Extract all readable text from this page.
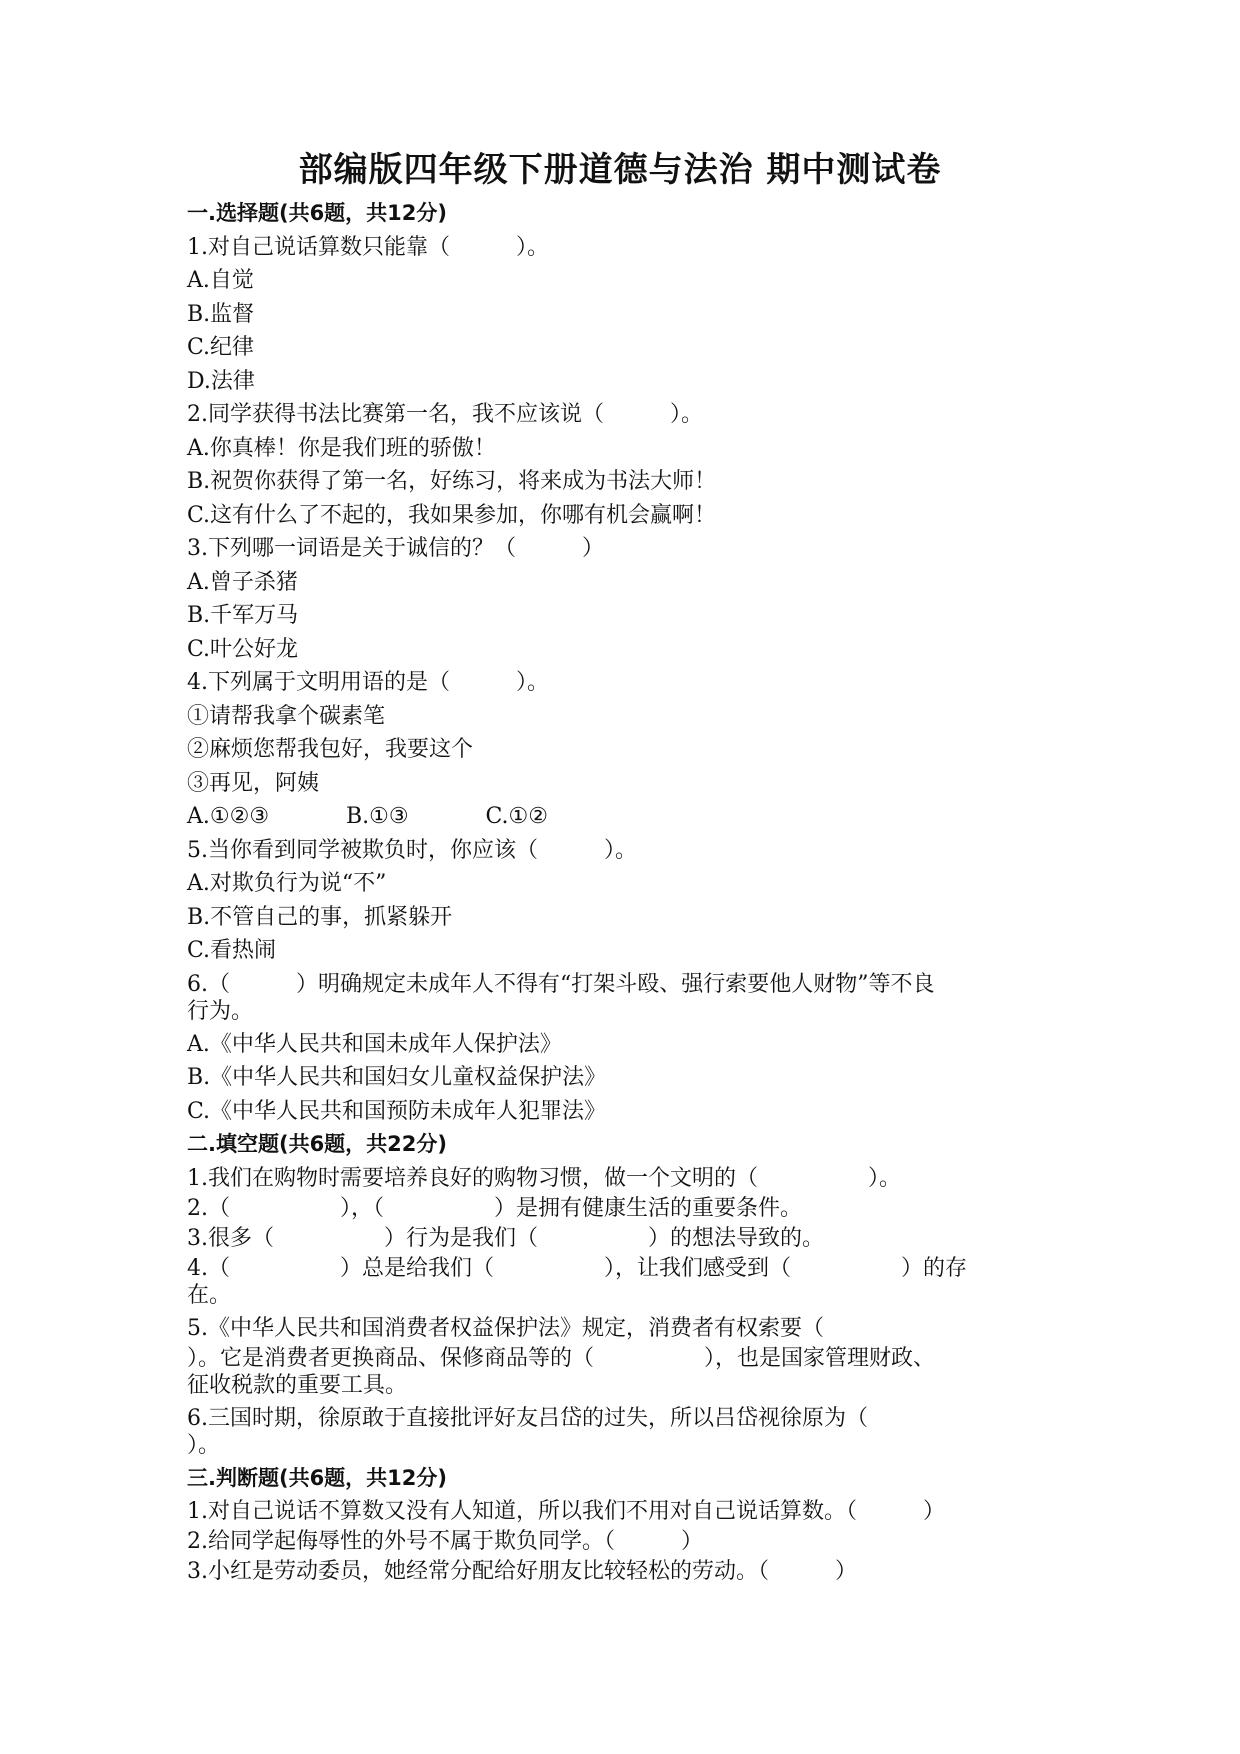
部编版四年级下册道德与法治 期中测试卷
一.选择题(共6题，共12分)
1.对自己说话算数只能靠（　　　）。
A.自觉
B.监督
C.纪律
D.法律
2.同学获得书法比赛第一名，我不应该说（　　　）。
A.你真棒！你是我们班的骄傲！
B.祝贺你获得了第一名，好练习，将来成为书法大师！
C.这有什么了不起的，我如果参加，你哪有机会赢啊！
3.下列哪一词语是关于诚信的？（　　　）
A.曾子杀猪
B.千军万马
C.叶公好龙
4.下列属于文明用语的是（　　　）。
①请帮我拿个碳素笔
②麻烦您帮我包好，我要这个
③再见，阿姨
A.①②③           B.①③           C.①②
5.当你看到同学被欺负时，你应该（　　　）。
A.对欺负行为说“不”
B.不管自己的事，抓紧躲开
C.看热闹
6.（　　　）明确规定未成年人不得有“打架斗殴、强行索要他人财物”等不良
行为。
A.《中华人民共和国未成年人保护法》
B.《中华人民共和国妇女儿童权益保护法》
C.《中华人民共和国预防未成年人犯罪法》
二.填空题(共6题，共22分)
1.我们在购物时需要培养良好的购物习惯，做一个文明的（　　　　　）。
2.（　　　　　），（　　　　　）是拥有健康生活的重要条件。
3.很多（　　　　　）行为是我们（　　　　　）的想法导致的。
4.（　　　　　）总是给我们（　　　　　），让我们感受到（　　　　　）的存
在。
5.《中华人民共和国消费者权益保护法》规定，消费者有权索要（
）。它是消费者更换商品、保修商品等的（　　　　　），也是国家管理财政、
征收税款的重要工具。
6.三国时期，徐原敢于直接批评好友吕岱的过失，所以吕岱视徐原为（
）。
三.判断题(共6题，共12分)
1.对自己说话不算数又没有人知道，所以我们不用对自己说话算数。（　　　）
2.给同学起侮辱性的外号不属于欺负同学。（　　　）
3.小红是劳动委员，她经常分配给好朋友比较轻松的劳动。（　　　）
